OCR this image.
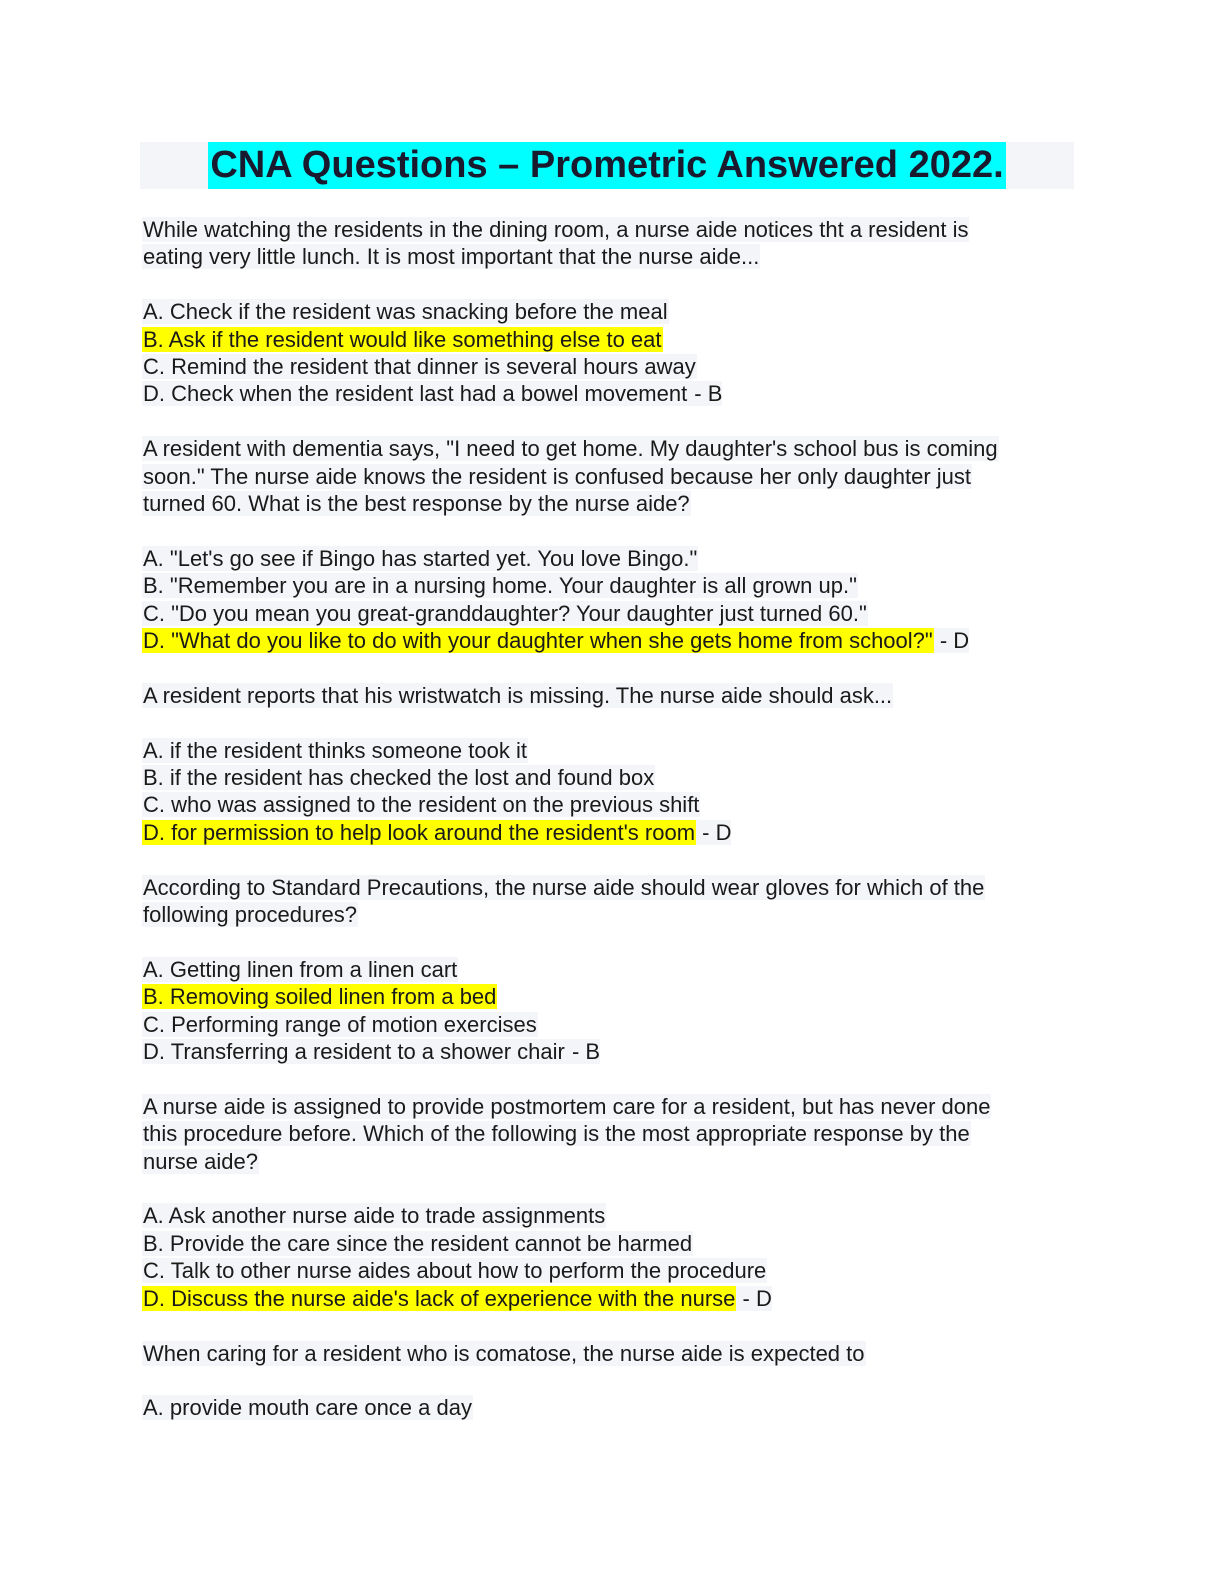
CNA Questions – Prometric Answered 2022.
While watching the residents in the dining room, a nurse aide notices tht a resident is
eating very little lunch. It is most important that the nurse aide...
A. Check if the resident was snacking before the meal
B. Ask if the resident would like something else to eat
C. Remind the resident that dinner is several hours away
D. Check when the resident last had a bowel movement - B
A resident with dementia says, "I need to get home. My daughter's school bus is coming
soon." The nurse aide knows the resident is confused because her only daughter just
turned 60. What is the best response by the nurse aide?
A. "Let's go see if Bingo has started yet. You love Bingo."
B. "Remember you are in a nursing home. Your daughter is all grown up."
C. "Do you mean you great-granddaughter? Your daughter just turned 60."
D. "What do you like to do with your daughter when she gets home from school?" - D
A resident reports that his wristwatch is missing. The nurse aide should ask...
A. if the resident thinks someone took it
B. if the resident has checked the lost and found box
C. who was assigned to the resident on the previous shift
D. for permission to help look around the resident's room - D
According to Standard Precautions, the nurse aide should wear gloves for which of the
following procedures?
A. Getting linen from a linen cart
B. Removing soiled linen from a bed
C. Performing range of motion exercises
D. Transferring a resident to a shower chair - B
A nurse aide is assigned to provide postmortem care for a resident, but has never done
this procedure before. Which of the following is the most appropriate response by the
nurse aide?
A. Ask another nurse aide to trade assignments
B. Provide the care since the resident cannot be harmed
C. Talk to other nurse aides about how to perform the procedure
D. Discuss the nurse aide's lack of experience with the nurse - D
When caring for a resident who is comatose, the nurse aide is expected to
A. provide mouth care once a day
